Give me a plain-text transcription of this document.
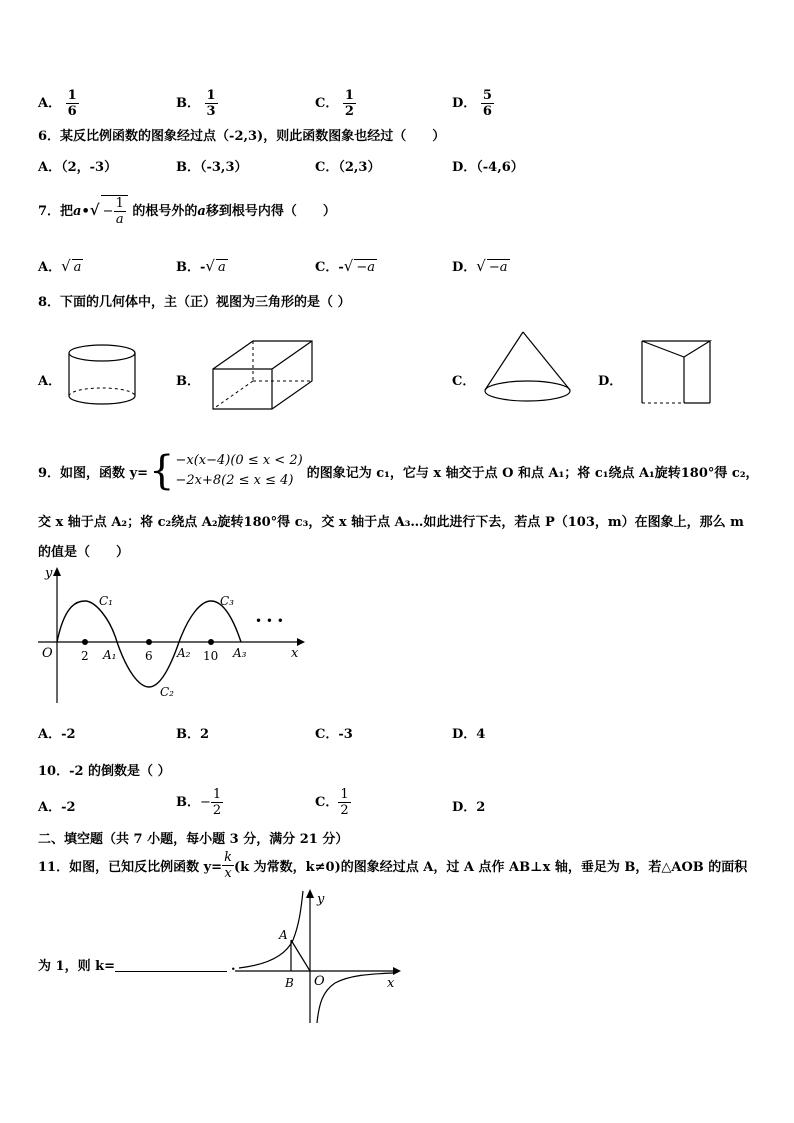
A． $\frac{1}{6}$	B． $\frac{1}{3}$	C． $\frac{1}{2}$	D． $\frac{5}{6}$
6．某反比例函数的图象经过点（-2,3)，则此函数图象也经过（　　）
A．（2，-3）	B．（-3,3）	C．（2,3）	D．（-4,6）
7．把a•√ − $\frac{1}{a}$ 的根号外的a移到根号内得（　　）
A．√ a	B．-√ a	C．-√ −a	D．√ −a
8．下面的几何体中，主（正）视图为三角形的是（ ）
A．	B．	C．	D．
9．如图，函数 y= { −x(x−4)(0 ≤ x < 2)
−2x+8(2 ≤ x ≤ 4)	的图象记为 c₁，它与 x 轴交于点 O 和点 A₁；将 c₁绕点 A₁旋转180°得 c₂，
交 x 轴于点 A₂；将 c₂绕点 A₂旋转180°得 c₃，交 x 轴于点 A₃…如此进行下去，若点 P（103，m）在图象上，那么 m
的值是（　　）
y
x
O
C₁
C₂
C₃
2	6	10
A₁	A₂	A₃
• • •
A．-2	B．2	C．-3	D．4
10．-2 的倒数是（ ）
A．-2	B．− $\frac{1}{2}$	C． $\frac{1}{2}$	D．2
二、填空题（共 7 小题，每小题 3 分，满分 21 分）
11．如图，已知反比例函数 $y= \frac{k}{x} (k$ 为常数，k≠0)的图象经过点 A，过 A 点作 AB⊥x 轴，垂足为 B，若△AOB 的面积
为 1，则 k=	.
y
x
O
A
B
